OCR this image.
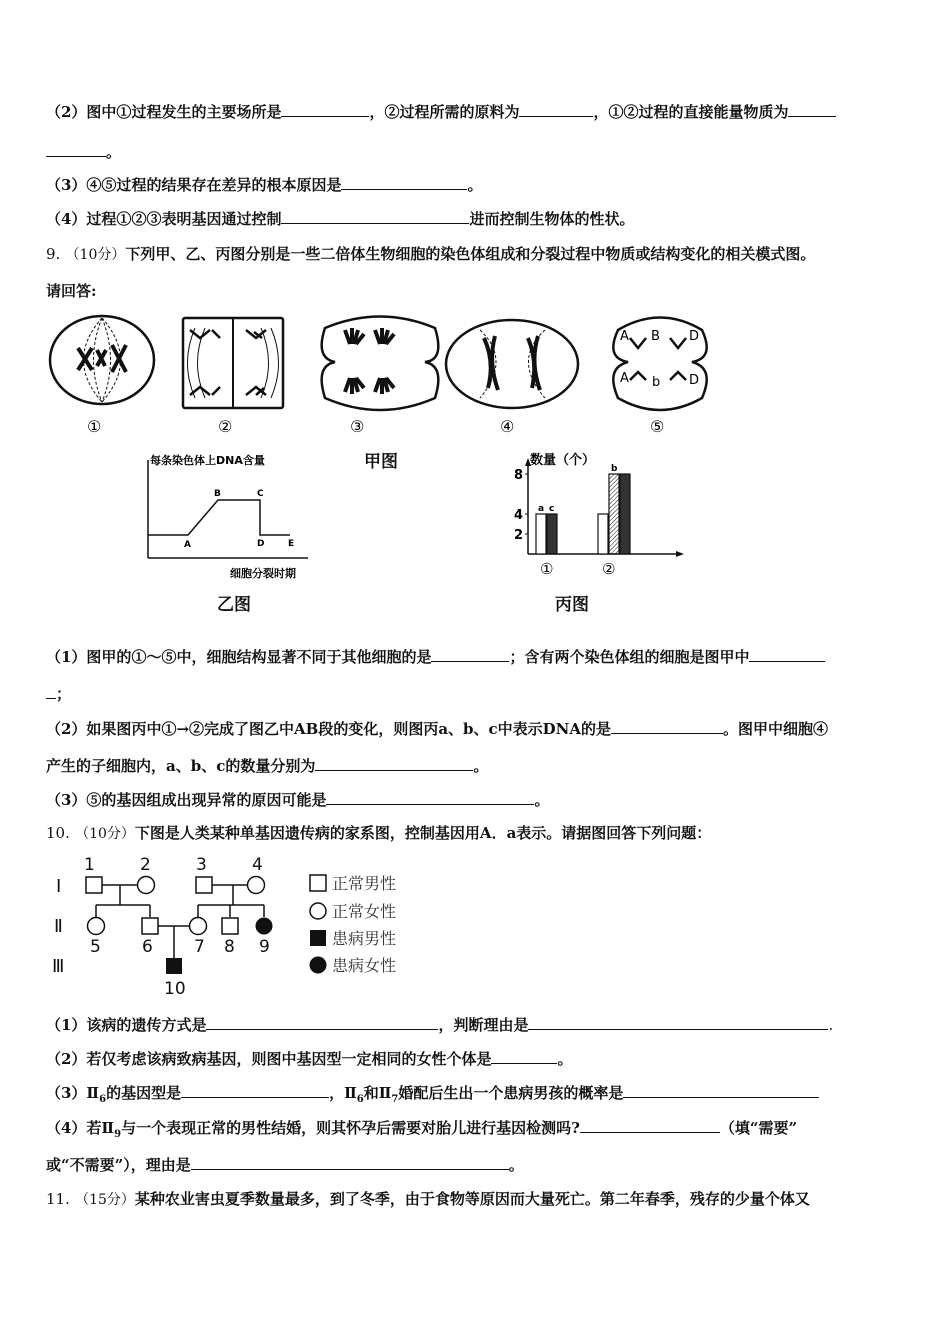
（2）图中①过程发生的主要场所是	，②过程所需的原料为	，①②过程的直接能量物质为
。
（3）④⑤过程的结果存在差异的根本原因是	。
（4）过程①②③表明基因通过控制	进而控制生物体的性状。
9. （10分）下列甲、乙、丙图分别是一些二倍体生物细胞的染色体组成和分裂过程中物质或结构变化的相关模式图。
请回答:
A B D
A b D
①	②	③	④	⑤
甲图
每条染色体上DNA含量
A
B	C
D	E
细胞分裂时期
乙图
数量（个）
2
4
8
a c
①
b
②
丙图
（1）图甲的①～⑤中，细胞结构显著不同于其他细胞的是	；含有两个染色体组的细胞是图甲中
；
（2）如果图丙中①→②完成了图乙中AB段的变化，则图丙a、b、c中表示DNA的是	。图甲中细胞④
产生的子细胞内，a、b、c的数量分别为	。
（3）⑤的基因组成出现异常的原因可能是	。
10. （10分）下图是人类某种单基因遗传病的家系图，控制基因用A．a表示。请据图回答下列问题：
Ⅰ
Ⅱ
Ⅲ
1	2	3	4
5 6 7 8 9
10
正常男性
正常女性
患病男性
患病女性
（1）该病的遗传方式是	，判断理由是	.
（2）若仅考虑该病致病基因，则图中基因型一定相同的女性个体是	。
$(3)Ⅱ_6$的基因型是	，$Ⅱ_6$和$Ⅱ_7$婚配后生出一个患病男孩的概率是
（4）若$Ⅱ_9$与一个表现正常的男性结婚，则其怀孕后需要对胎儿进行基因检测吗?	（填“需要”
或“不需要”），理由是	。
11. （15分）某种农业害虫夏季数量最多，到了冬季，由于食物等原因而大量死亡。第二年春季，残存的少量个体又
